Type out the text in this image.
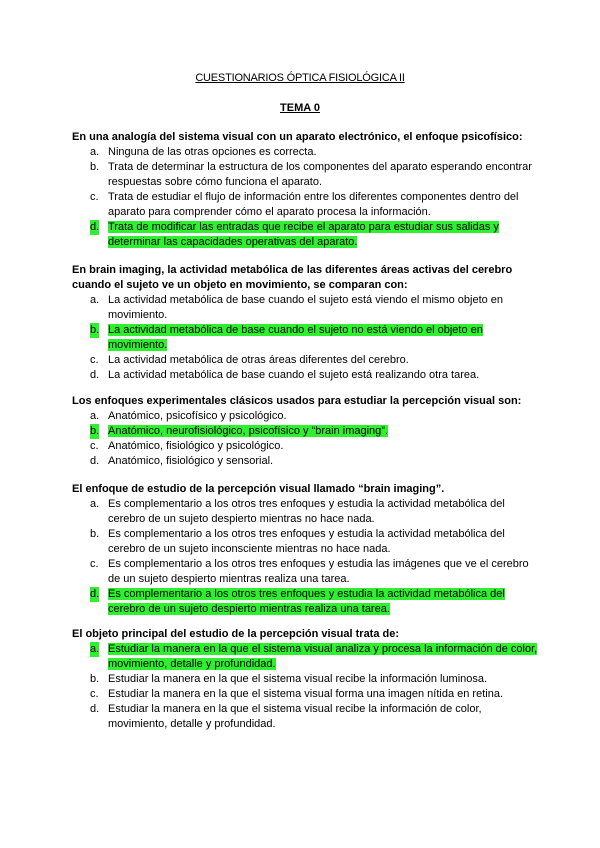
CUESTIONARIOS ÓPTICA FISIOLÓGICA II
TEMA 0
En una analogía del sistema visual con un aparato electrónico, el enfoque psicofísico:
a. Ninguna de las otras opciones es correcta.
b. Trata de determinar la estructura de los componentes del aparato esperando encontrar respuestas sobre cómo funciona el aparato.
c. Trata de estudiar el flujo de información entre los diferentes componentes dentro del aparato para comprender cómo el aparato procesa la información.
d. Trata de modificar las entradas que recibe el aparato para estudiar sus salidas y determinar las capacidades operativas del aparato.
En brain imaging, la actividad metabólica de las diferentes áreas activas del cerebro cuando el sujeto ve un objeto en movimiento, se comparan con:
a. La actividad metabólica de base cuando el sujeto está viendo el mismo objeto en movimiento.
b. La actividad metabólica de base cuando el sujeto no está viendo el objeto en movimiento.
c. La actividad metabólica de otras áreas diferentes del cerebro.
d. La actividad metabólica de base cuando el sujeto está realizando otra tarea.
Los enfoques experimentales clásicos usados para estudiar la percepción visual son:
a. Anatómico, psicofísico y psicológico.
b. Anatómico, neurofisiológico, psicofísico y “brain imaging”.
c. Anatómico, fisiológico y psicológico.
d. Anatómico, fisiológico y sensorial.
El enfoque de estudio de la percepción visual llamado “brain imaging”.
a. Es complementario a los otros tres enfoques y estudia la actividad metabólica del cerebro de un sujeto despierto mientras no hace nada.
b. Es complementario a los otros tres enfoques y estudia la actividad metabólica del cerebro de un sujeto inconsciente mientras no hace nada.
c. Es complementario a los otros tres enfoques y estudia las imágenes que ve el cerebro de un sujeto despierto mientras realiza una tarea.
d. Es complementario a los otros tres enfoques y estudia la actividad metabólica del cerebro de un sujeto despierto mientras realiza una tarea.
El objeto principal del estudio de la percepción visual trata de:
a. Estudiar la manera en la que el sistema visual analiza y procesa la información de color, movimiento, detalle y profundidad.
b. Estudiar la manera en la que el sistema visual recibe la información luminosa.
c. Estudiar la manera en la que el sistema visual forma una imagen nítida en retina.
d. Estudiar la manera en la que el sistema visual recibe la información de color, movimiento, detalle y profundidad.
